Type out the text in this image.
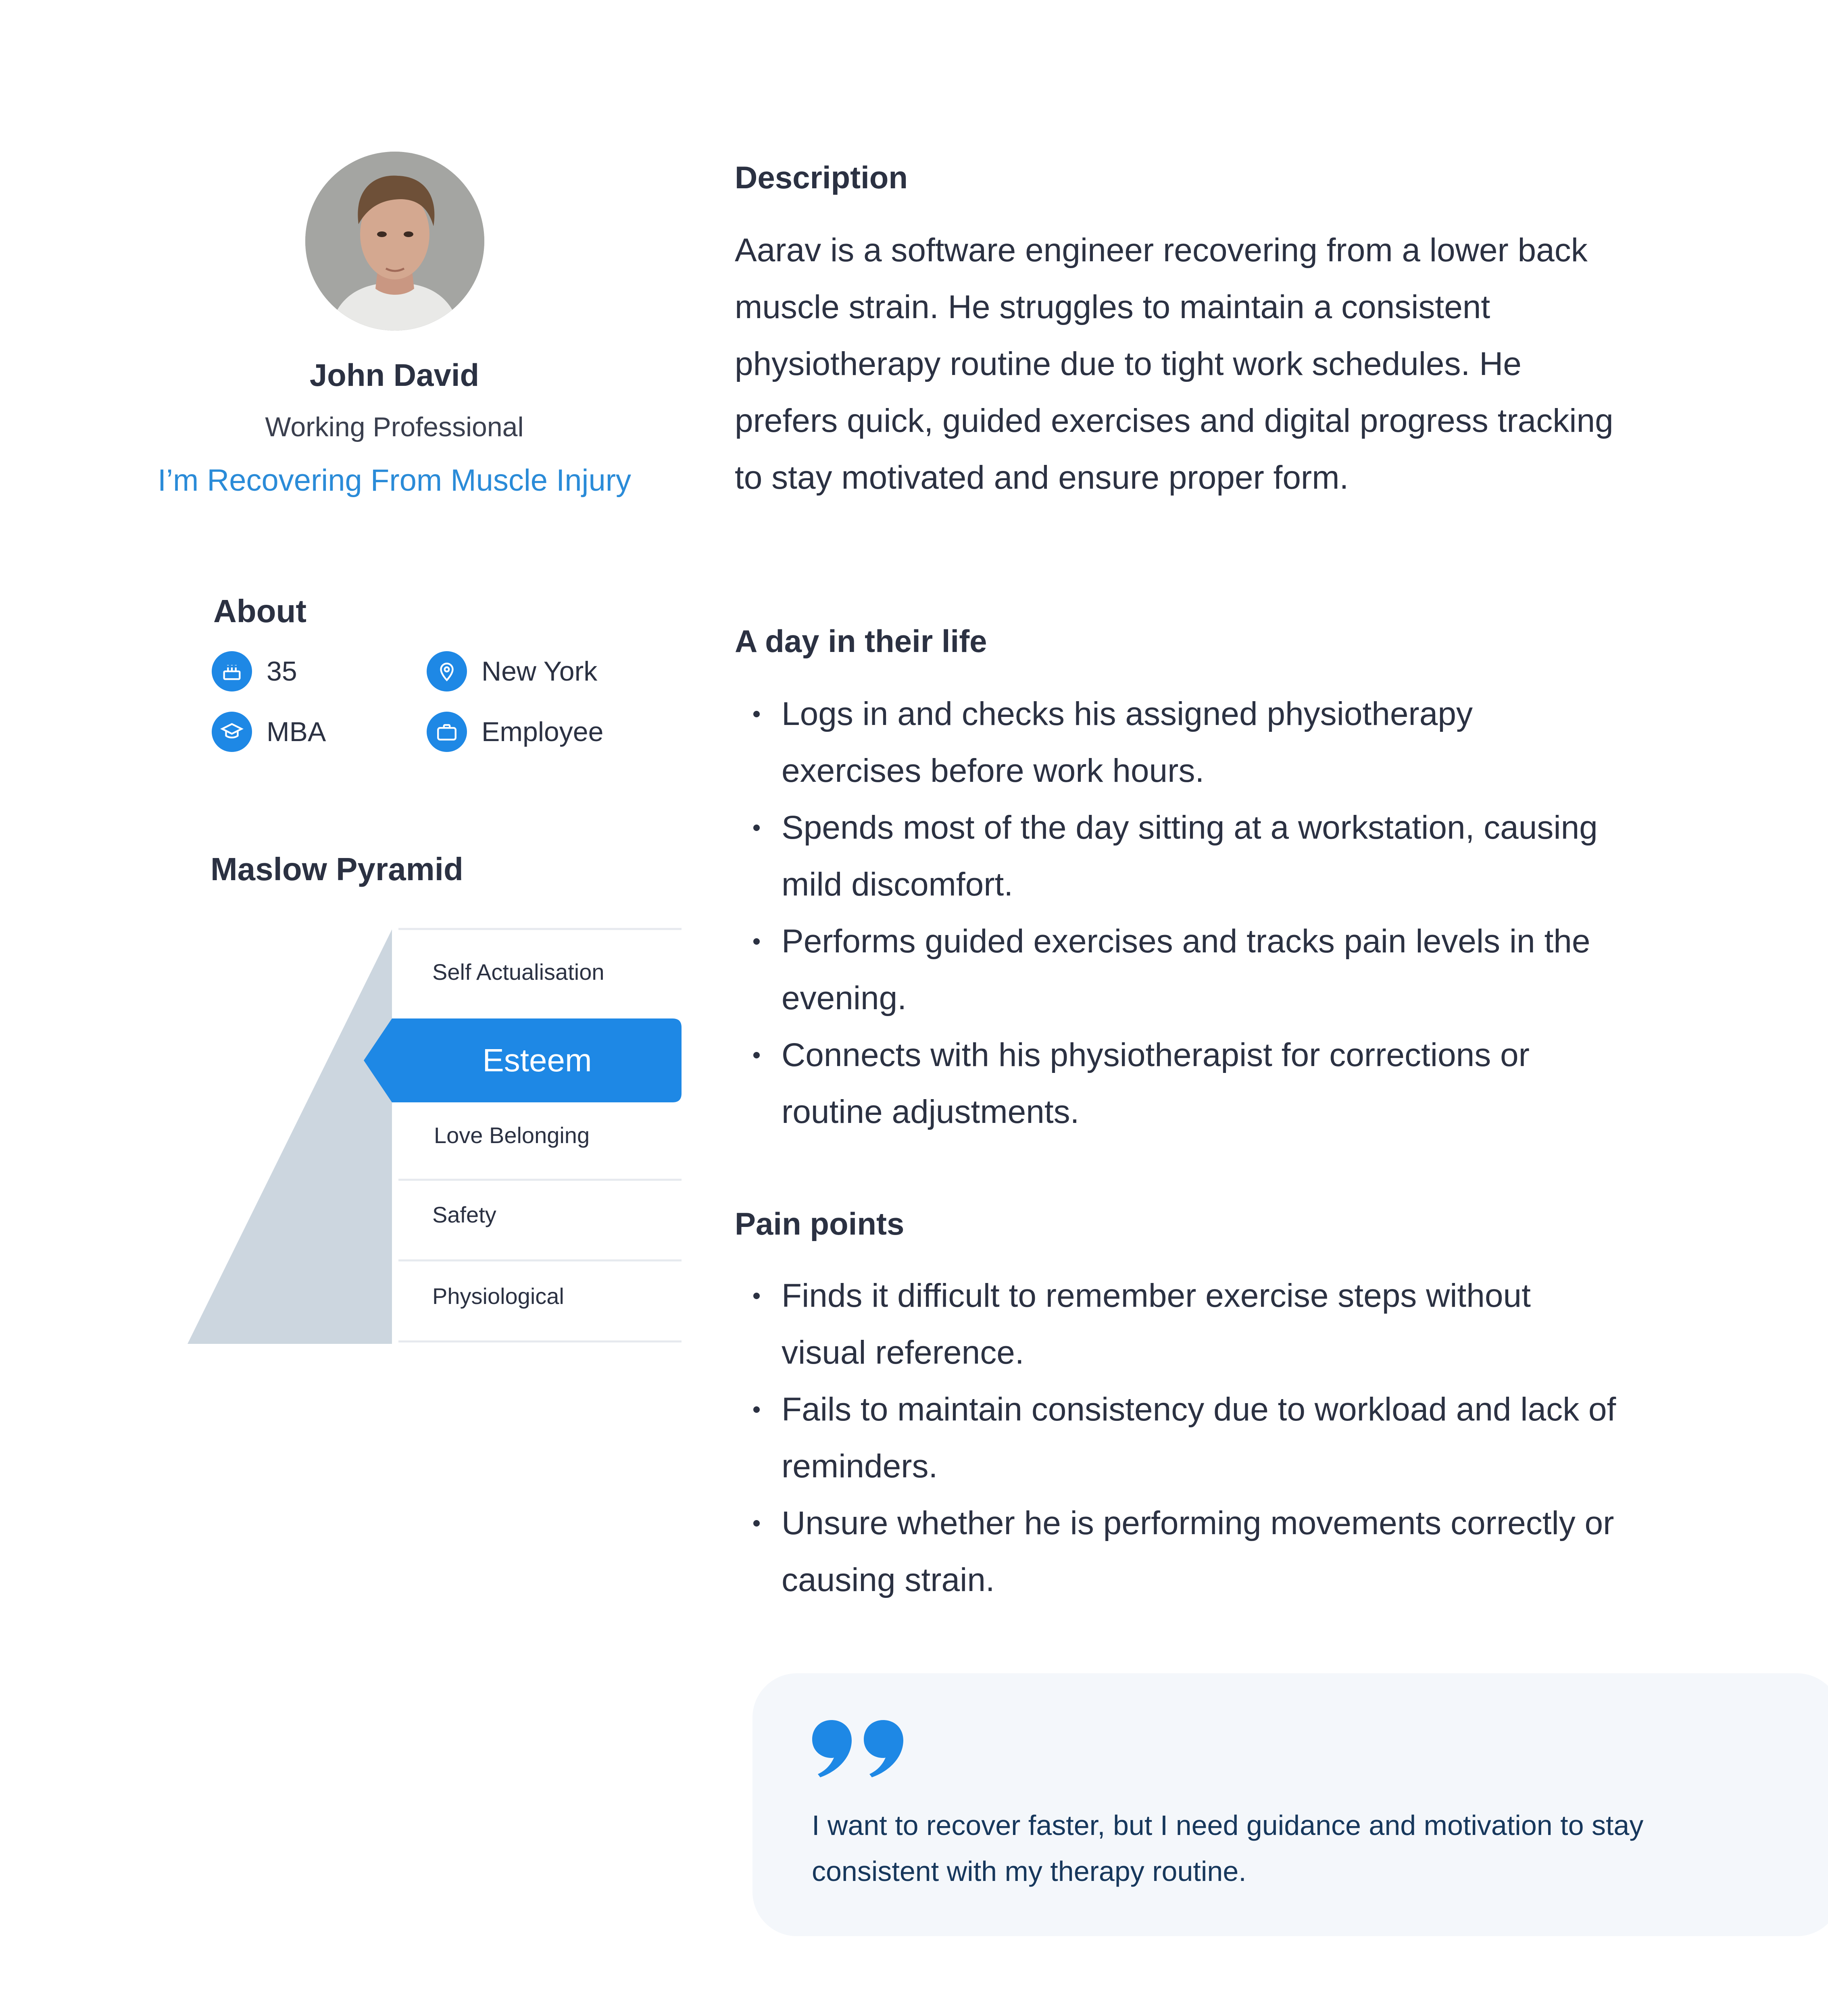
John David
Working Professional
I’m Recovering From Muscle Injury
About
35	New York
MBA	Employee
Maslow Pyramid
Self Actualisation
Esteem
Love Belonging
Safety
Physiological
Description
Aarav is a software engineer recovering from a lower back muscle strain. He struggles to maintain a consistent physiotherapy routine due to tight work schedules. He prefers quick, guided exercises and digital progress tracking to stay motivated and ensure proper form.
A day in their life
Logs in and checks his assigned physiotherapy exercises before work hours.
Spends most of the day sitting at a workstation, causing mild discomfort.
Performs guided exercises and tracks pain levels in the evening.
Connects with his physiotherapist for corrections or routine adjustments.
Pain points
Finds it difficult to remember exercise steps without visual reference.
Fails to maintain consistency due to workload and lack of reminders.
Unsure whether he is performing movements correctly or causing strain.
I want to recover faster, but I need guidance and motivation to stay consistent with my therapy routine.
